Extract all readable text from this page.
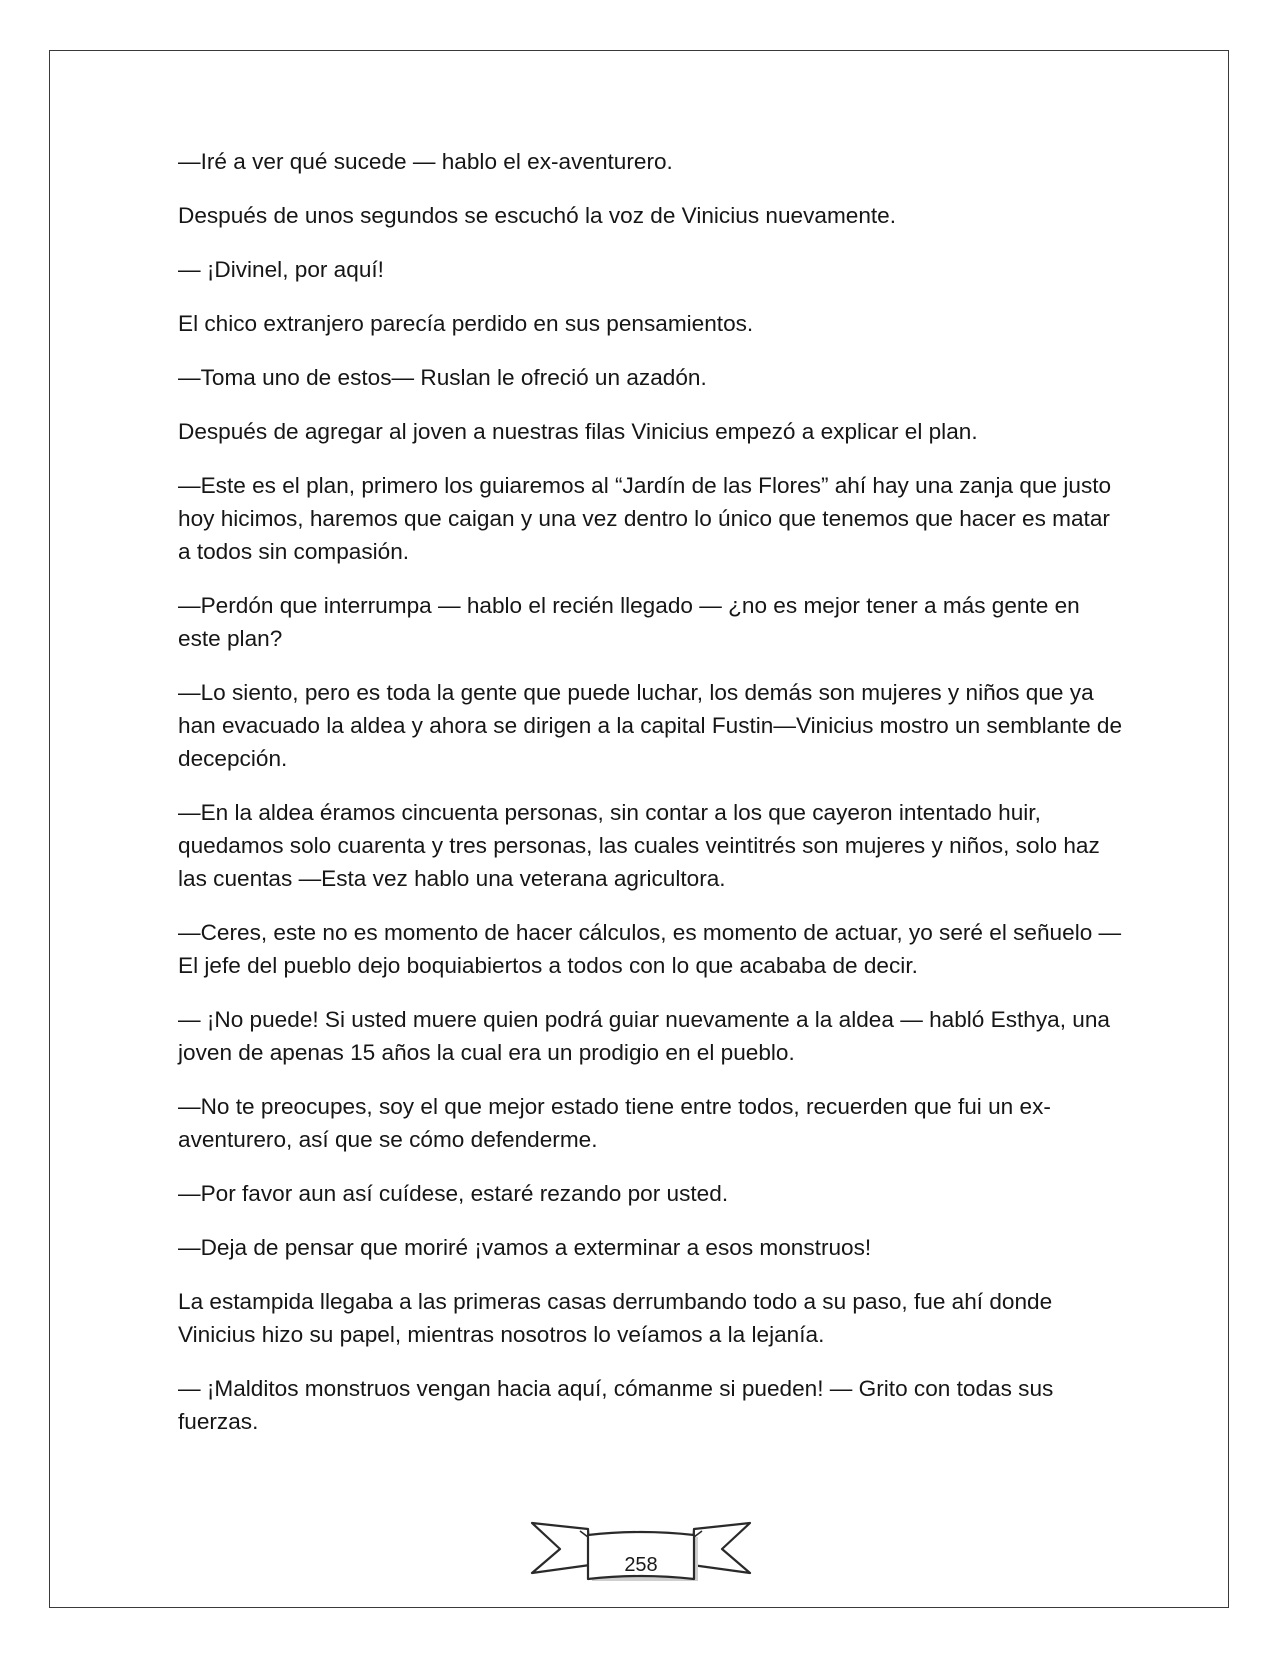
—Iré a ver qué sucede — hablo el ex-aventurero.

Después de unos segundos se escuchó la voz de Vinicius nuevamente.

— ¡Divinel, por aquí!

El chico extranjero parecía perdido en sus pensamientos.

—Toma uno de estos— Ruslan le ofreció un azadón.

Después de agregar al joven a nuestras filas Vinicius empezó a explicar el plan.

—Este es el plan, primero los guiaremos al “Jardín de las Flores” ahí hay una zanja que justo hoy hicimos, haremos que caigan y una vez dentro lo único que tenemos que hacer es matar a todos sin compasión.

—Perdón que interrumpa — hablo el recién llegado — ¿no es mejor tener a más gente en este plan?

—Lo siento, pero es toda la gente que puede luchar, los demás son mujeres y niños que ya han evacuado la aldea y ahora se dirigen a la capital Fustin—Vinicius mostro un semblante de decepción.

—En la aldea éramos cincuenta personas, sin contar a los que cayeron intentado huir, quedamos solo cuarenta y tres personas, las cuales veintitrés son mujeres y niños, solo haz las cuentas —Esta vez hablo una veterana agricultora.

—Ceres, este no es momento de hacer cálculos, es momento de actuar, yo seré el señuelo — El jefe del pueblo dejo boquiabiertos a todos con lo que acababa de decir.

— ¡No puede! Si usted muere quien podrá guiar nuevamente a la aldea — habló Esthya, una joven de apenas 15 años la cual era un prodigio en el pueblo.

—No te preocupes, soy el que mejor estado tiene entre todos, recuerden que fui un ex-aventurero, así que se cómo defenderme.

—Por favor aun así cuídese, estaré rezando por usted.

—Deja de pensar que moriré ¡vamos a exterminar a esos monstruos!

La estampida llegaba a las primeras casas derrumbando todo a su paso, fue ahí donde Vinicius hizo su papel, mientras nosotros lo veíamos a la lejanía.

— ¡Malditos monstruos vengan hacia aquí, cómanme si pueden! — Grito con todas sus fuerzas.

258
